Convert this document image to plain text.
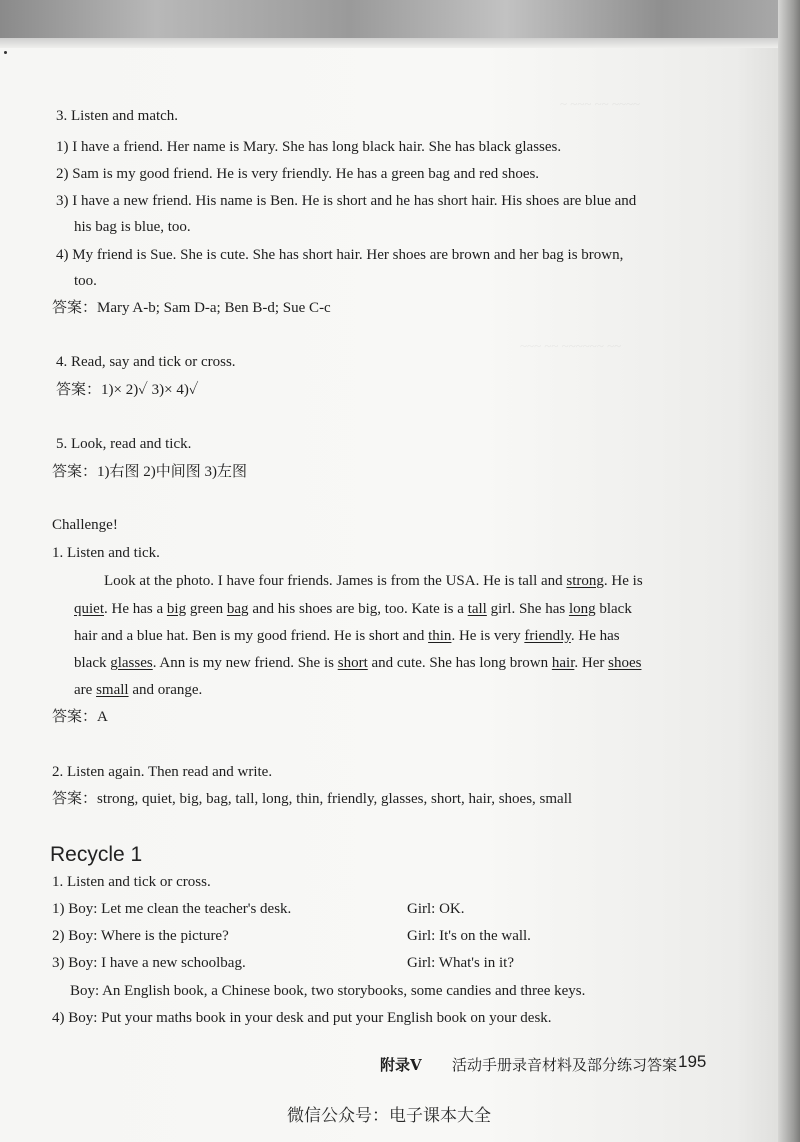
~ ~~~ ~~ ~~~~
~~~ ~~ ~~~~~~ ~~
3. Listen and match.
1) I have a friend. Her name is Mary. She has long black hair. She has black glasses.
2) Sam is my good friend. He is very friendly. He has a green bag and red shoes.
3) I have a new friend. His name is Ben. He is short and he has short hair. His shoes are blue and
his bag is blue, too.
4) My friend is Sue. She is cute. She has short hair. Her shoes are brown and her bag is brown,
too.
答案：Mary A-b; Sam D-a; Ben B-d; Sue C-c
4. Read, say and tick or cross.
答案：1)× 2)✓ 3)× 4)✓
5. Look, read and tick.
答案：1)右图 2)中间图 3)左图
Challenge!
1. Listen and tick.
Look at the photo. I have four friends. James is from the USA. He is tall and strong. He is
quiet. He has a big green bag and his shoes are big, too. Kate is a tall girl. She has long black
hair and a blue hat. Ben is my good friend. He is short and thin. He is very friendly. He has
black glasses. Ann is my new friend. She is short and cute. She has long brown hair. Her shoes
are small and orange.
答案：A
2. Listen again. Then read and write.
答案：strong, quiet, big, bag, tall, long, thin, friendly, glasses, short, hair, shoes, small
Recycle 1
1. Listen and tick or cross.
1) Boy: Let me clean the teacher's desk.	Girl: OK.
2) Boy: Where is the picture?	Girl: It's on the wall.
3) Boy: I have a new schoolbag.	Girl: What's in it?
Boy: An English book, a Chinese book, two storybooks, some candies and three keys.
4) Boy: Put your maths book in your desk and put your English book on your desk.
附录V 活动手册录音材料及部分练习答案 195
微信公众号：电子课本大全
